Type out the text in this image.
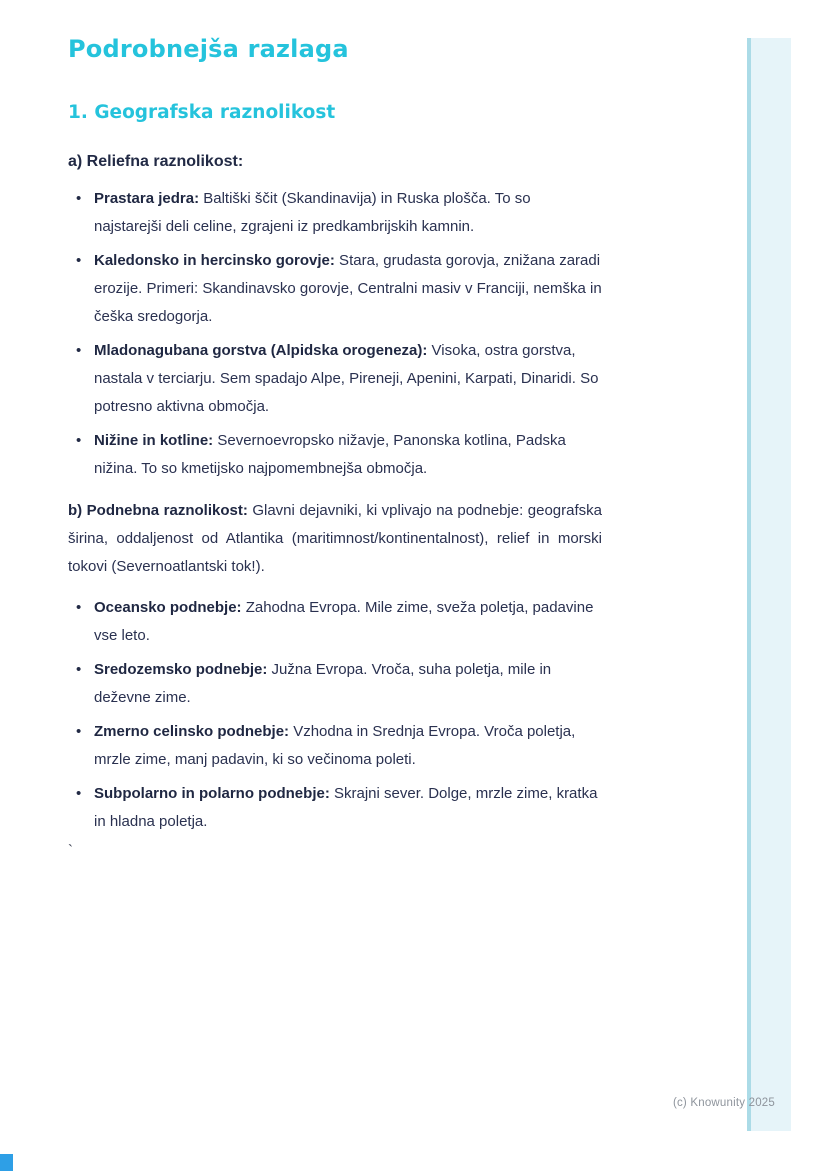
Podrobnejša razlaga
1. Geografska raznolikost
a) Reliefna raznolikost:
• Prastara jedra: Baltiški ščit (Skandinavija) in Ruska plošča. To so najstarejši deli celine, zgrajeni iz predkambrijskih kamnin.
• Kaledonsko in hercinsko gorovje: Stara, grudasta gorovja, znižana zaradi erozije. Primeri: Skandinavsko gorovje, Centralni masiv v Franciji, nemška in češka sredogorja.
• Mladonagubana gorstva (Alpidska orogeneza): Visoka, ostra gorstva, nastala v terciarju. Sem spadajo Alpe, Pireneji, Apenini, Karpati, Dinaridi. So potresno aktivna območja.
• Nižine in kotline: Severnoevropsko nižavje, Panonska kotlina, Padska nižina. To so kmetijsko najpomembnejša območja.

b) Podnebna raznolikost: Glavni dejavniki, ki vplivajo na podnebje: geografska širina, oddaljenost od Atlantika (maritimnost/kontinentalnost), relief in morski tokovi (Severnoatlantski tok!).

• Oceansko podnebje: Zahodna Evropa. Mile zime, sveža poletja, padavine vse leto.
• Sredozemsko podnebje: Južna Evropa. Vroča, suha poletja, mile in deževne zime.
• Zmerno celinsko podnebje: Vzhodna in Srednja Evropa. Vroča poletja, mrzle zime, manj padavin, ki so večinoma poleti.
• Subpolarno in polarno podnebje: Skrajni sever. Dolge, mrzle zime, kratka in hladna poletja.
`
(c) Knowunity 2025
